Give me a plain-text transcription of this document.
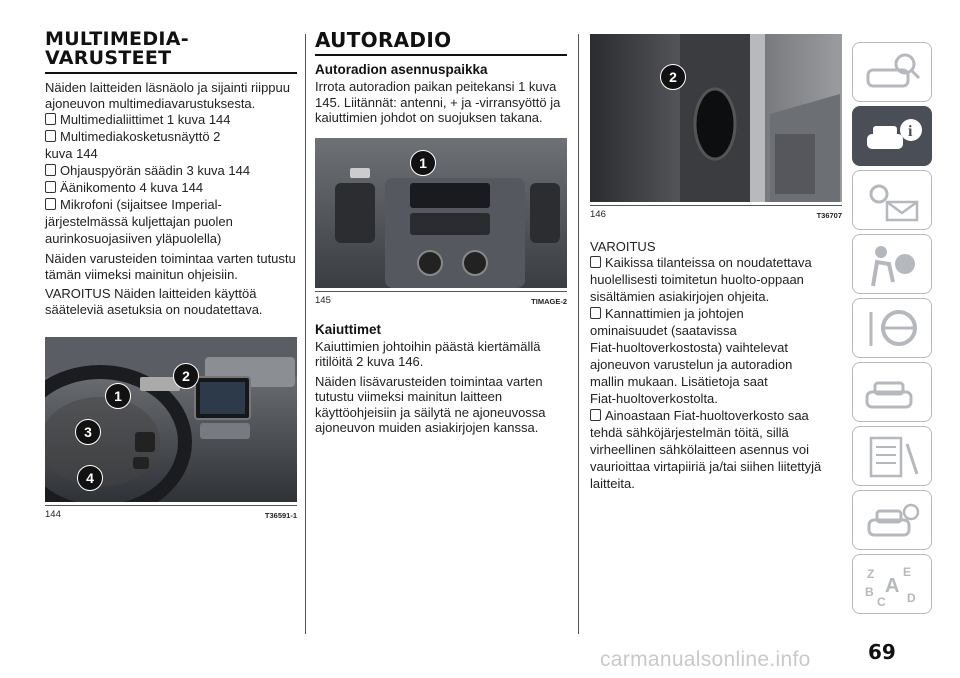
MULTIMEDIA-
VARUSTEET

Näiden laitteiden läsnäolo ja sijainti riippuu ajoneuvon multimediavarustuksesta.

Multimedialiittimet 1 kuva 144
Multimediakosketusnäyttö 2
kuva 144
Ohjauspyörän säädin 3 kuva 144
Äänikomento 4 kuva 144
Mikrofoni (sijaitsee Imperial-
järjestelmässä kuljettajan puolen
aurinkosuojasiiven yläpuolella)

Näiden varusteiden toimintaa varten tutustu tämän viimeksi mainitun ohjeisiin.

VAROITUS Näiden laitteiden käyttöä sääteleviä asetuksia on noudatettava.

1
2
3
4
144	T36591-1
AUTORADIO
Autoradion asennuspaikka

Irrota autoradion paikan peitekansi 1 kuva 145. Liitännät: antenni, + ja -virransyöttö ja kaiuttimien johdot on suojuksen takana.

1
145	TIMAGE-2
Kaiuttimet

Kaiuttimien johtoihin päästä kiertämällä ritilöitä 2 kuva 146.

Näiden lisävarusteiden toimintaa varten tutustu viimeksi mainitun laitteen käyttöohjeisiin ja säilytä ne ajoneuvossa ajoneuvon muiden asiakirjojen kanssa.

2
146	T36707
VAROITUS
Kaikissa tilanteissa on noudatettava
huolellisesti toimitetun huolto-oppaan
sisältämien asiakirjojen ohjeita.
Kannattimien ja johtojen
ominaisuudet (saatavissa
Fiat-huoltoverkostosta) vaihtelevat
ajoneuvon varustelun ja autoradion
mallin mukaan. Lisätietoja saat
Fiat-huoltoverkostolta.
Ainoastaan Fiat-huoltoverkosto saa
tehdä sähköjärjestelmän töitä, sillä
virheellinen sähkölaitteen asennus voi
vaurioittaa virtapiiriä ja/tai siihen liitettyjä
laitteita.
i
Z E
B A
C D
69
carmanualsonline.info
